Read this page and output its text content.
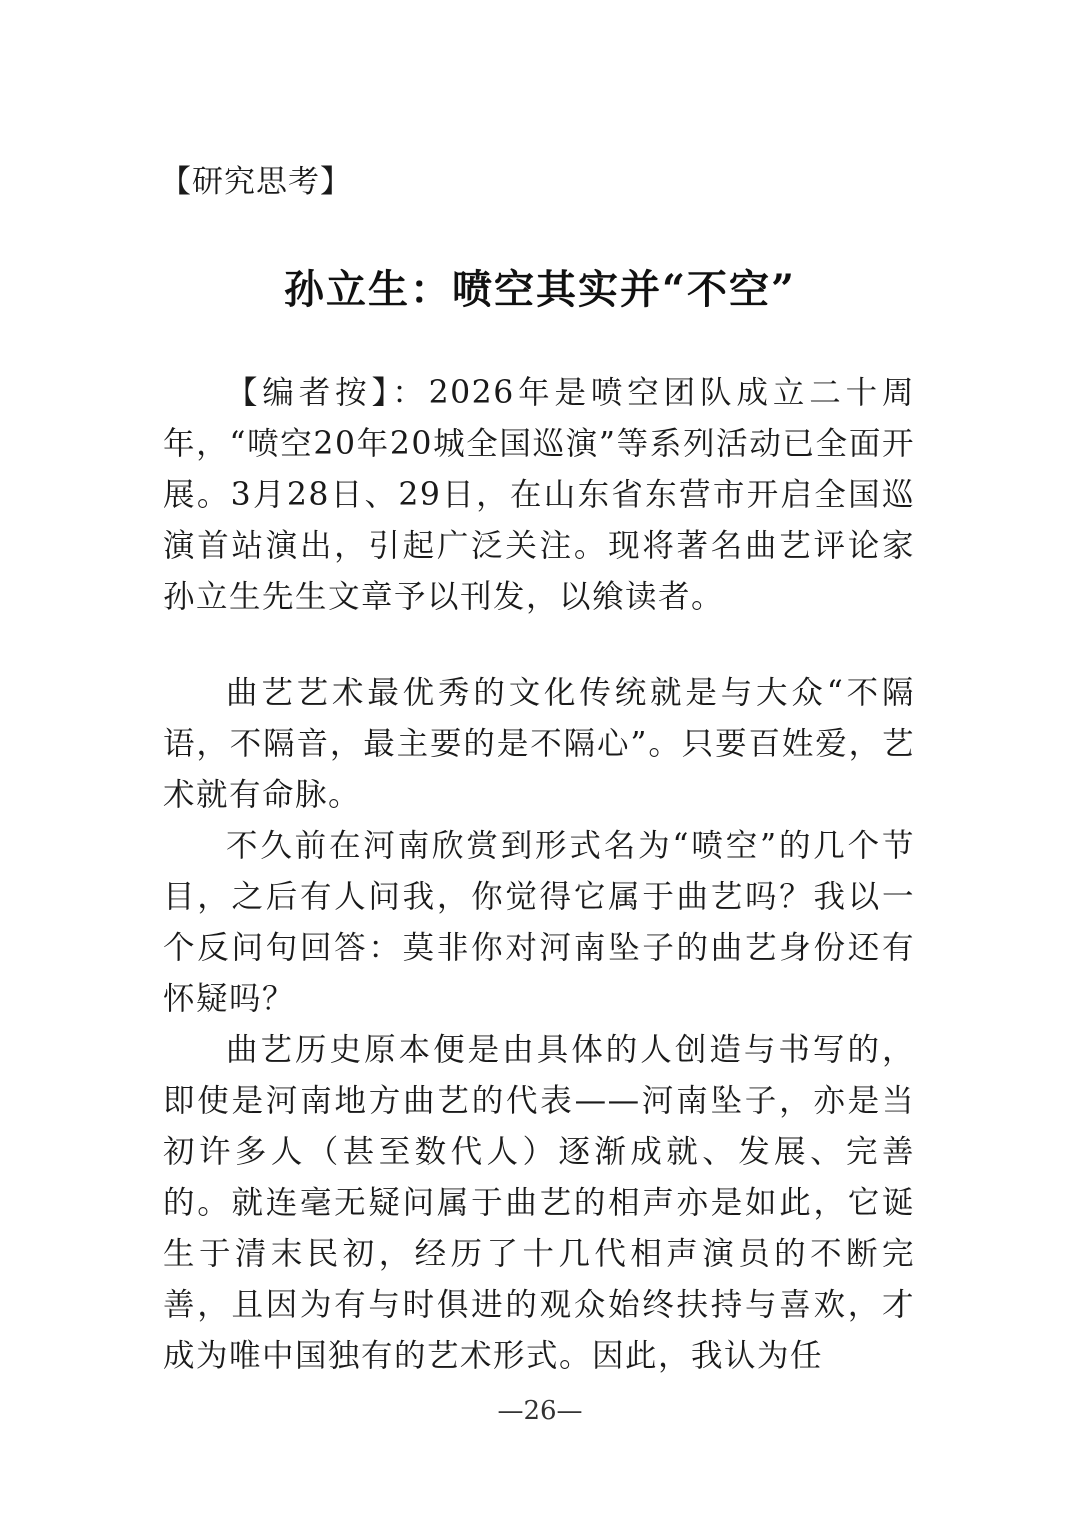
【研究思考】
孙立生：喷空其实并“不空”

【编者按】：2026年是喷空团队成立二十周年，“喷空20年20城全国巡演”等系列活动已全面开展。3月28日、29日，在山东省东营市开启全国巡演首站演出，引起广泛关注。现将著名曲艺评论家孙立生先生文章予以刊发，以飨读者。

曲艺艺术最优秀的文化传统就是与大众“不隔语，不隔音，最主要的是不隔心”。只要百姓爱，艺术就有命脉。

不久前在河南欣赏到形式名为“喷空”的几个节目，之后有人问我，你觉得它属于曲艺吗？我以一个反问句回答：莫非你对河南坠子的曲艺身份还有怀疑吗？

曲艺历史原本便是由具体的人创造与书写的，即使是河南地方曲艺的代表——河南坠子，亦是当初许多人（甚至数代人）逐渐成就、发展、完善的。就连毫无疑问属于曲艺的相声亦是如此，它诞生于清末民初，经历了十几代相声演员的不断完善，且因为有与时俱进的观众始终扶持与喜欢，才成为唯中国独有的艺术形式。因此，我认为任

—26—
